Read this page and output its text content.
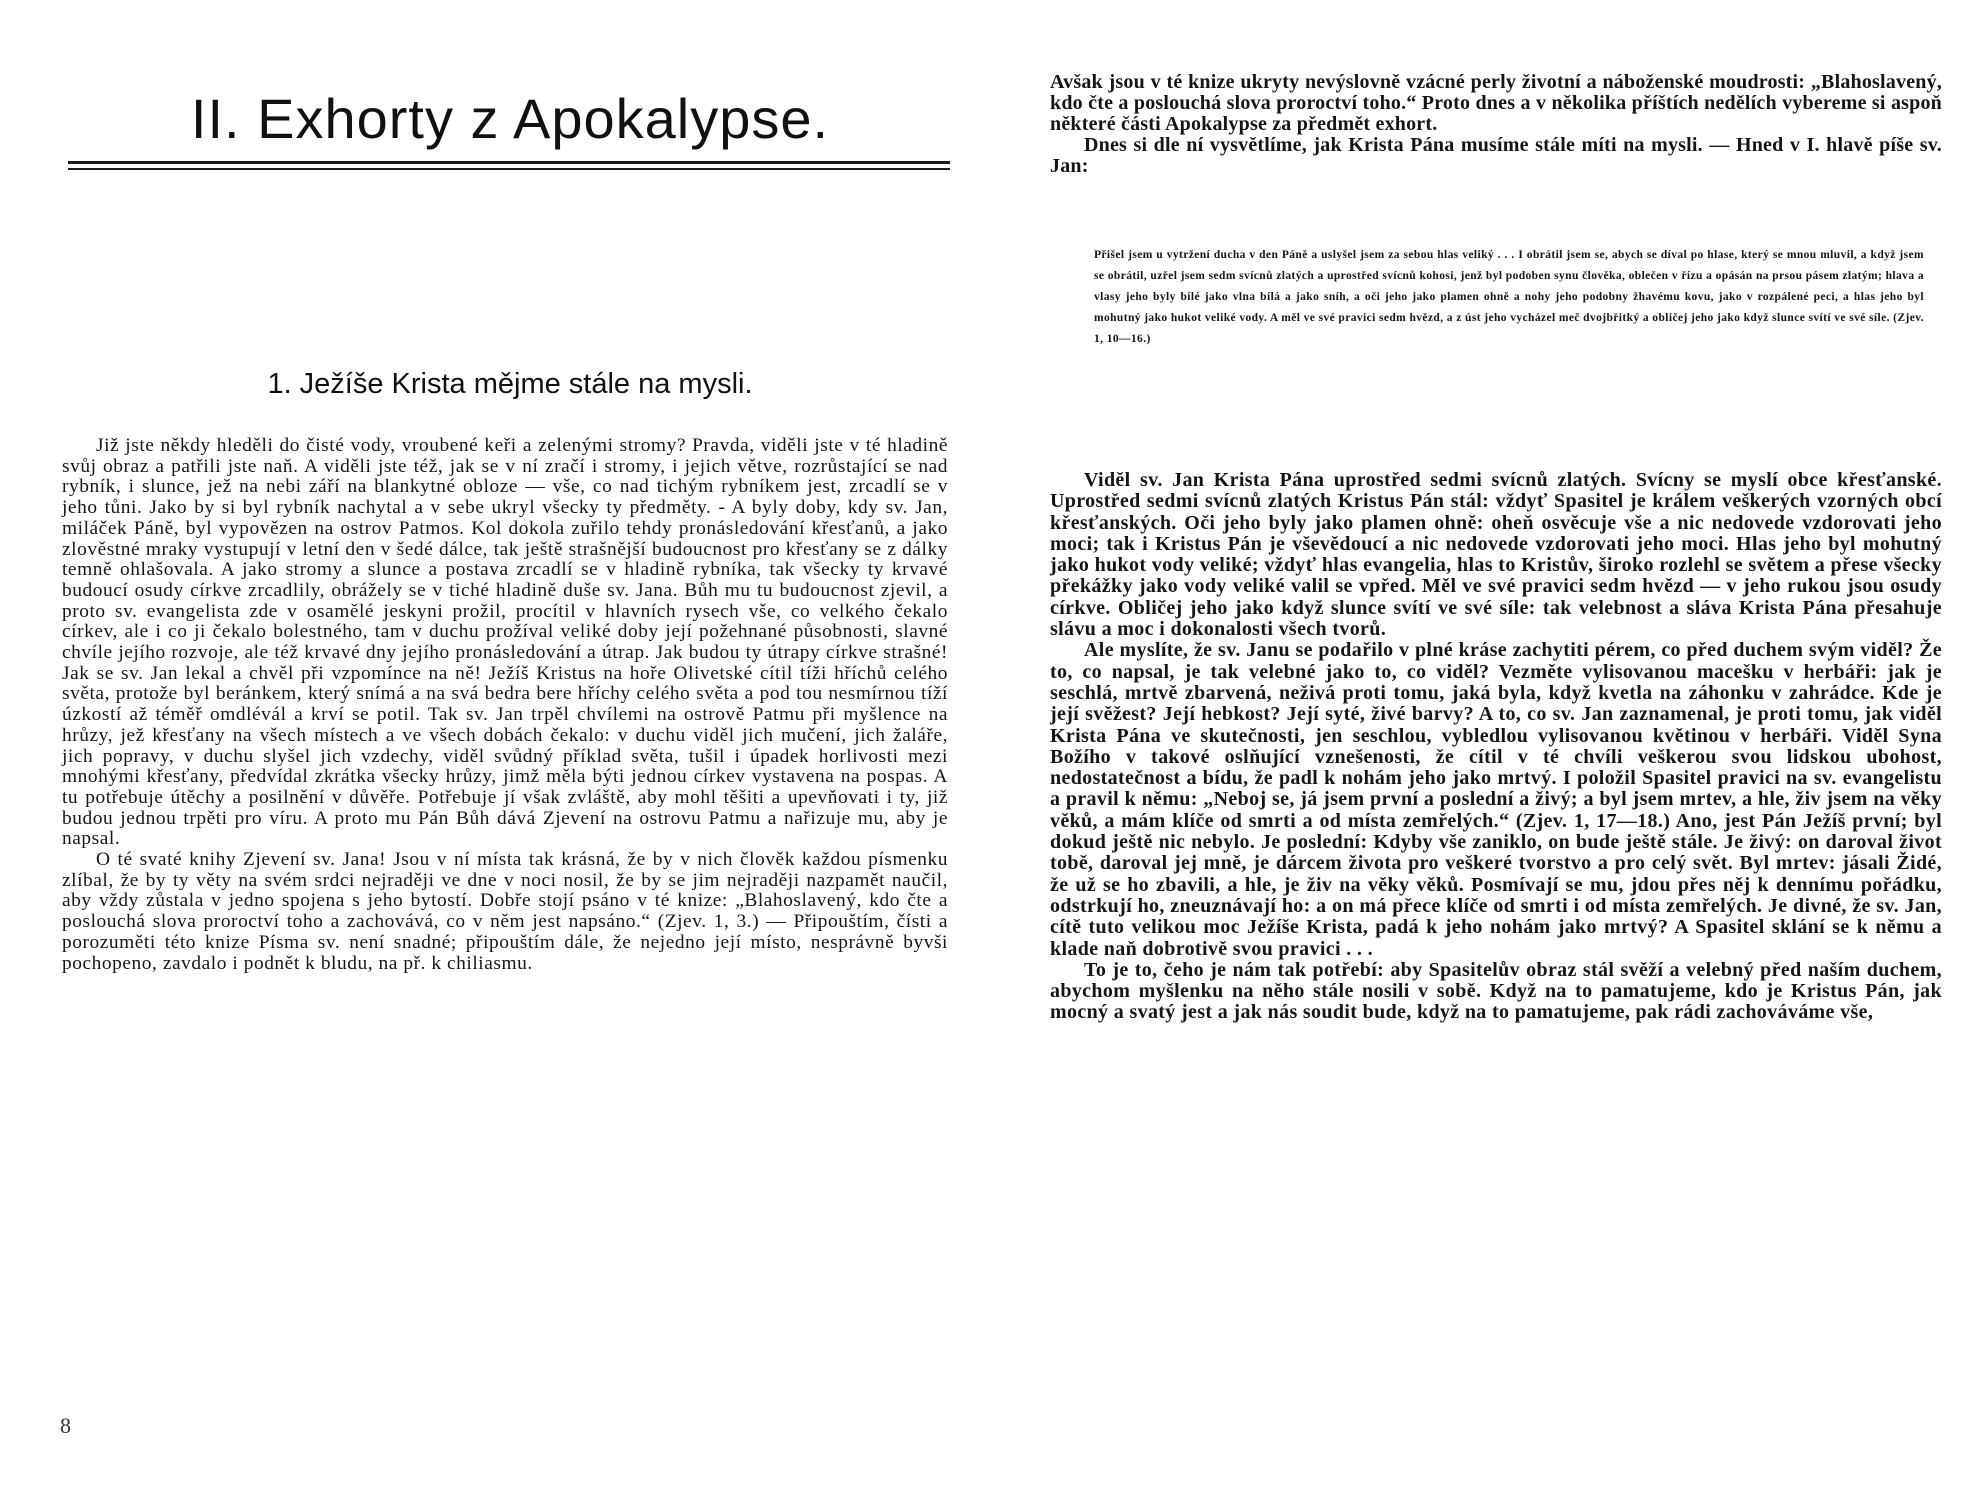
II. Exhorty z Apokalypse.
1. Ježíše Krista mějme stále na mysli.

Již jste někdy hleděli do čisté vody, vroubené keři a zelenými stromy? Pravda, viděli jste v té hladině svůj obraz a patřili jste naň. A viděli jste též, jak se v ní zračí i stromy, i jejich větve, rozrůstající se nad rybník, i slunce, jež na nebi září na blankytné obloze — vše, co nad tichým rybníkem jest, zrcadlí se v jeho tůni. Jako by si byl rybník nachytal a v sebe ukryl všecky ty předměty. - A byly doby, kdy sv. Jan, miláček Páně, byl vypovězen na ostrov Patmos. Kol dokola zuřilo tehdy pronásledování křesťanů, a jako zlověstné mraky vystupují v letní den v šedé dálce, tak ještě strašnější budoucnost pro křesťany se z dálky temně ohlašovala. A jako stromy a slunce a postava zrcadlí se v hladině rybníka, tak všecky ty krvavé budoucí osudy církve zrcadlily, obrážely se v tiché hladině duše sv. Jana. Bůh mu tu budoucnost zjevil, a proto sv. evangelista zde v osamělé jeskyni prožil, procítil v hlavních rysech vše, co velkého čekalo církev, ale i co ji čekalo bolestného, tam v duchu prožíval veliké doby její požehnané působnosti, slavné chvíle jejího rozvoje, ale též krvavé dny jejího pronásledování a útrap. Jak budou ty útrapy církve strašné! Jak se sv. Jan lekal a chvěl při vzpomínce na ně! Ježíš Kristus na hoře Olivetské cítil tíži hříchů celého světa, protože byl beránkem, který snímá a na svá bedra bere hříchy celého světa a pod tou nesmírnou tíží úzkostí až téměř omdlévál a krví se potil. Tak sv. Jan trpěl chvílemi na ostrově Patmu při myšlence na hrůzy, jež křesťany na všech místech a ve všech dobách čekalo: v duchu viděl jich mučení, jich žaláře, jich popravy, v duchu slyšel jich vzdechy, viděl svůdný příklad světa, tušil i úpadek horlivosti mezi mnohými křesťany, předvídal zkrátka všecky hrůzy, jimž měla býti jednou církev vystavena na pospas. A tu potřebuje útěchy a posilnění v důvěře. Potřebuje jí však zvláště, aby mohl těšiti a upevňovati i ty, již budou jednou trpěti pro víru. A proto mu Pán Bůh dává Zjevení na ostrovu Patmu a nařizuje mu, aby je napsal.

O té svaté knihy Zjevení sv. Jana! Jsou v ní místa tak krásná, že by v nich člověk každou písmenku zlíbal, že by ty věty na svém srdci nejraději ve dne v noci nosil, že by se jim nejraději nazpamět naučil, aby vždy zůstala v jedno spojena s jeho bytostí. Dobře stojí psáno v té knize: „Blahoslavený, kdo čte a poslouchá slova proroctví toho a zachovává, co v něm jest napsáno.“ (Zjev. 1, 3.) — Připouštím, čísti a porozuměti této knize Písma sv. není snadné; připouštím dále, že nejedno její místo, nesprávně byvši pochopeno, zavdalo i podnět k bludu, na př. k chiliasmu.

8

Avšak jsou v té knize ukryty nevýslovně vzácné perly životní a náboženské moudrosti: „Blahoslavený, kdo čte a poslouchá slova proroctví toho.“ Proto dnes a v několika příštích nedělích vybereme si aspoň některé části Apokalypse za předmět exhort.

Dnes si dle ní vysvětlíme, jak Krista Pána musíme stále míti na mysli. — Hned v I. hlavě píše sv. Jan:

Přišel jsem u vytržení ducha v den Páně a uslyšel jsem za sebou hlas veliký . . . I obrátil jsem se, abych se díval po hlase, který se mnou mluvil, a když jsem se obrátil, uzřel jsem sedm svícnů zlatých a uprostřed svícnů kohosi, jenž byl podoben synu člověka, oblečen v řízu a opásán na prsou pásem zlatým; hlava a vlasy jeho byly bílé jako vlna bílá a jako sníh, a oči jeho jako plamen ohně a nohy jeho podobny žhavému kovu, jako v rozpálené peci, a hlas jeho byl mohutný jako hukot veliké vody. A měl ve své pravici sedm hvězd, a z úst jeho vycházel meč dvojbřitký a obličej jeho jako když slunce svítí ve své síle. (Zjev. 1, 10—16.)

Viděl sv. Jan Krista Pána uprostřed sedmi svícnů zlatých. Svícny se myslí obce křesťanské. Uprostřed sedmi svícnů zlatých Kristus Pán stál: vždyť Spasitel je králem veškerých vzorných obcí křesťanských. Oči jeho byly jako plamen ohně: oheň osvěcuje vše a nic nedovede vzdorovati jeho moci; tak i Kristus Pán je vševědoucí a nic nedovede vzdorovati jeho moci. Hlas jeho byl mohutný jako hukot vody veliké; vždyť hlas evangelia, hlas to Kristův, široko rozlehl se světem a přese všecky překážky jako vody veliké valil se vpřed. Měl ve své pravici sedm hvězd — v jeho rukou jsou osudy církve. Obličej jeho jako když slunce svítí ve své síle: tak velebnost a sláva Krista Pána přesahuje slávu a moc i dokonalosti všech tvorů.

Ale myslíte, že sv. Janu se podařilo v plné kráse zachytiti pérem, co před duchem svým viděl? Že to, co napsal, je tak velebné jako to, co viděl? Vezměte vylisovanou macešku v herbáři: jak je seschlá, mrtvě zbarvená, neživá proti tomu, jaká byla, když kvetla na záhonku v zahrádce. Kde je její svěžest? Její hebkost? Její syté, živé barvy? A to, co sv. Jan zaznamenal, je proti tomu, jak viděl Krista Pána ve skutečnosti, jen seschlou, vybledlou vylisovanou květinou v herbáři. Viděl Syna Božího v takové oslňující vznešenosti, že cítil v té chvíli veškerou svou lidskou ubohost, nedostatečnost a bídu, že padl k nohám jeho jako mrtvý. I položil Spasitel pravici na sv. evangelistu a pravil k němu: „Neboj se, já jsem první a poslední a živý; a byl jsem mrtev, a hle, živ jsem na věky věků, a mám klíče od smrti a od místa zemřelých.“ (Zjev. 1, 17—18.) Ano, jest Pán Ježíš první; byl dokud ještě nic nebylo. Je poslední: Kdyby vše zaniklo, on bude ještě stále. Je živý: on daroval život tobě, daroval jej mně, je dárcem života pro veškeré tvorstvo a pro celý svět. Byl mrtev: jásali Židé, že už se ho zbavili, a hle, je živ na věky věků. Posmívají se mu, jdou přes něj k dennímu pořádku, odstrkují ho, zneuznávají ho: a on má přece klíče od smrti i od místa zemřelých. Je divné, že sv. Jan, cítě tuto velikou moc Ježíše Krista, padá k jeho nohám jako mrtvý? A Spasitel sklání se k němu a klade naň dobrotivě svou pravici . . .

To je to, čeho je nám tak potřebí: aby Spasitelův obraz stál svěží a velebný před naším duchem, abychom myšlenku na něho stále nosili v sobě. Když na to pamatujeme, kdo je Kristus Pán, jak mocný a svatý jest a jak nás soudit bude, když na to pamatujeme, pak rádi zachováváme vše,
